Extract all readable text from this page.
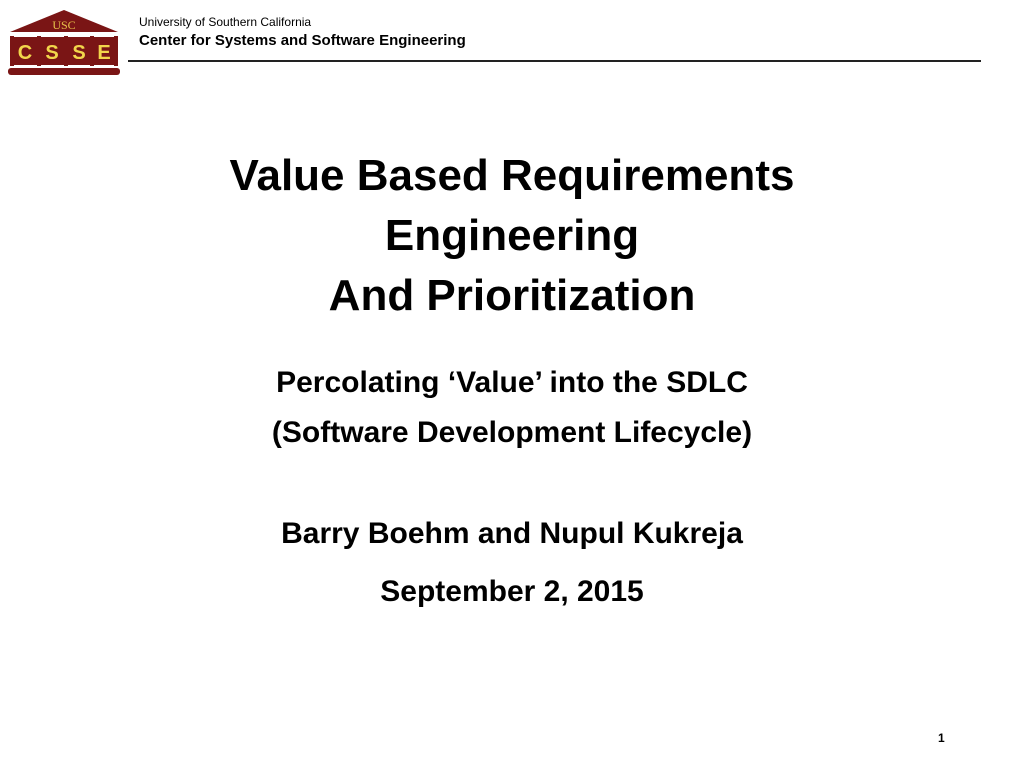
USC
C S S E
University of Southern California
Center for Systems and Software Engineering
Value Based Requirements
Engineering
And Prioritization
Percolating ‘Value’ into the SDLC
(Software Development Lifecycle)
Barry Boehm and Nupul Kukreja
September 2, 2015
1
